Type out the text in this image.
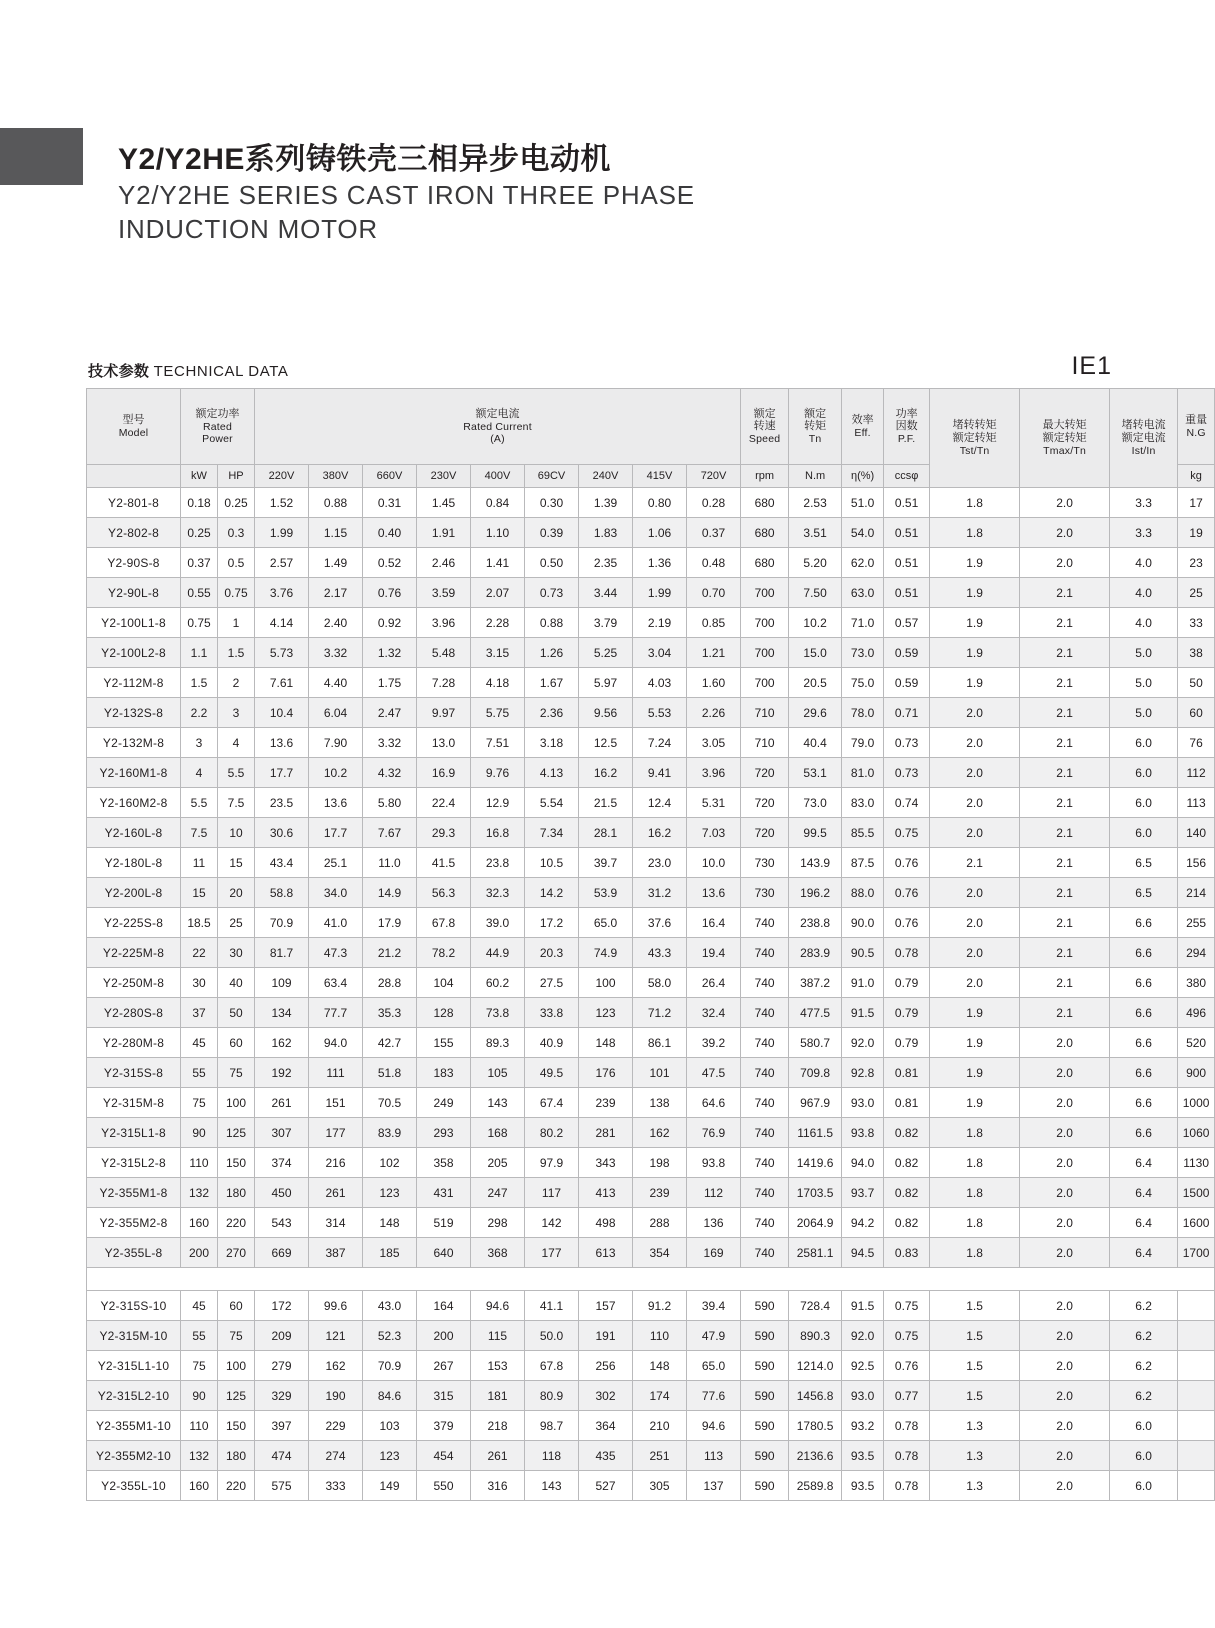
Y2/Y2HE系列铸铁壳三相异步电动机
Y2/Y2HE SERIES CAST IRON THREE PHASE
INDUCTION MOTOR
技术参数 TECHNICAL DATA	IE1
型号
Model	额定功率
Rated
Power		额定电流
Rated Current
(A)									额定
转速
Speed	额定
转矩
Tn	效率
Eff.	功率
因数
P.F.	堵转转矩
额定转矩
Tst/Tn	最大转矩
额定转矩
Tmax/Tn	堵转电流
额定电流
Ist/In	重量
N.G

	kW	HP	220V	380V	660V	230V	400V	69CV	240V	415V	720V	rpm	N.m	η(%)	ccsφ				kg
Y2-801-8	0.18	0.25	1.52	0.88	0.31	1.45	0.84	0.30	1.39	0.80	0.28	680	2.53	51.0	0.51	1.8	2.0	3.3	17
Y2-802-8	0.25	0.3	1.99	1.15	0.40	1.91	1.10	0.39	1.83	1.06	0.37	680	3.51	54.0	0.51	1.8	2.0	3.3	19
Y2-90S-8	0.37	0.5	2.57	1.49	0.52	2.46	1.41	0.50	2.35	1.36	0.48	680	5.20	62.0	0.51	1.9	2.0	4.0	23
Y2-90L-8	0.55	0.75	3.76	2.17	0.76	3.59	2.07	0.73	3.44	1.99	0.70	700	7.50	63.0	0.51	1.9	2.1	4.0	25
Y2-100L1-8	0.75	1	4.14	2.40	0.92	3.96	2.28	0.88	3.79	2.19	0.85	700	10.2	71.0	0.57	1.9	2.1	4.0	33
Y2-100L2-8	1.1	1.5	5.73	3.32	1.32	5.48	3.15	1.26	5.25	3.04	1.21	700	15.0	73.0	0.59	1.9	2.1	5.0	38
Y2-112M-8	1.5	2	7.61	4.40	1.75	7.28	4.18	1.67	5.97	4.03	1.60	700	20.5	75.0	0.59	1.9	2.1	5.0	50
Y2-132S-8	2.2	3	10.4	6.04	2.47	9.97	5.75	2.36	9.56	5.53	2.26	710	29.6	78.0	0.71	2.0	2.1	5.0	60
Y2-132M-8	3	4	13.6	7.90	3.32	13.0	7.51	3.18	12.5	7.24	3.05	710	40.4	79.0	0.73	2.0	2.1	6.0	76
Y2-160M1-8	4	5.5	17.7	10.2	4.32	16.9	9.76	4.13	16.2	9.41	3.96	720	53.1	81.0	0.73	2.0	2.1	6.0	112
Y2-160M2-8	5.5	7.5	23.5	13.6	5.80	22.4	12.9	5.54	21.5	12.4	5.31	720	73.0	83.0	0.74	2.0	2.1	6.0	113
Y2-160L-8	7.5	10	30.6	17.7	7.67	29.3	16.8	7.34	28.1	16.2	7.03	720	99.5	85.5	0.75	2.0	2.1	6.0	140
Y2-180L-8	11	15	43.4	25.1	11.0	41.5	23.8	10.5	39.7	23.0	10.0	730	143.9	87.5	0.76	2.1	2.1	6.5	156
Y2-200L-8	15	20	58.8	34.0	14.9	56.3	32.3	14.2	53.9	31.2	13.6	730	196.2	88.0	0.76	2.0	2.1	6.5	214
Y2-225S-8	18.5	25	70.9	41.0	17.9	67.8	39.0	17.2	65.0	37.6	16.4	740	238.8	90.0	0.76	2.0	2.1	6.6	255
Y2-225M-8	22	30	81.7	47.3	21.2	78.2	44.9	20.3	74.9	43.3	19.4	740	283.9	90.5	0.78	2.0	2.1	6.6	294
Y2-250M-8	30	40	109	63.4	28.8	104	60.2	27.5	100	58.0	26.4	740	387.2	91.0	0.79	2.0	2.1	6.6	380
Y2-280S-8	37	50	134	77.7	35.3	128	73.8	33.8	123	71.2	32.4	740	477.5	91.5	0.79	1.9	2.1	6.6	496
Y2-280M-8	45	60	162	94.0	42.7	155	89.3	40.9	148	86.1	39.2	740	580.7	92.0	0.79	1.9	2.0	6.6	520
Y2-315S-8	55	75	192	111	51.8	183	105	49.5	176	101	47.5	740	709.8	92.8	0.81	1.9	2.0	6.6	900
Y2-315M-8	75	100	261	151	70.5	249	143	67.4	239	138	64.6	740	967.9	93.0	0.81	1.9	2.0	6.6	1000
Y2-315L1-8	90	125	307	177	83.9	293	168	80.2	281	162	76.9	740	1161.5	93.8	0.82	1.8	2.0	6.6	1060
Y2-315L2-8	110	150	374	216	102	358	205	97.9	343	198	93.8	740	1419.6	94.0	0.82	1.8	2.0	6.4	1130
Y2-355M1-8	132	180	450	261	123	431	247	117	413	239	112	740	1703.5	93.7	0.82	1.8	2.0	6.4	1500
Y2-355M2-8	160	220	543	314	148	519	298	142	498	288	136	740	2064.9	94.2	0.82	1.8	2.0	6.4	1600
Y2-355L-8	200	270	669	387	185	640	368	177	613	354	169	740	2581.1	94.5	0.83	1.8	2.0	6.4	1700

Y2-315S-10	45	60	172	99.6	43.0	164	94.6	41.1	157	91.2	39.4	590	728.4	91.5	0.75	1.5	2.0	6.2	
Y2-315M-10	55	75	209	121	52.3	200	115	50.0	191	110	47.9	590	890.3	92.0	0.75	1.5	2.0	6.2	
Y2-315L1-10	75	100	279	162	70.9	267	153	67.8	256	148	65.0	590	1214.0	92.5	0.76	1.5	2.0	6.2	
Y2-315L2-10	90	125	329	190	84.6	315	181	80.9	302	174	77.6	590	1456.8	93.0	0.77	1.5	2.0	6.2	
Y2-355M1-10	110	150	397	229	103	379	218	98.7	364	210	94.6	590	1780.5	93.2	0.78	1.3	2.0	6.0	
Y2-355M2-10	132	180	474	274	123	454	261	118	435	251	113	590	2136.6	93.5	0.78	1.3	2.0	6.0	
Y2-355L-10	160	220	575	333	149	550	316	143	527	305	137	590	2589.8	93.5	0.78	1.3	2.0	6.0	
